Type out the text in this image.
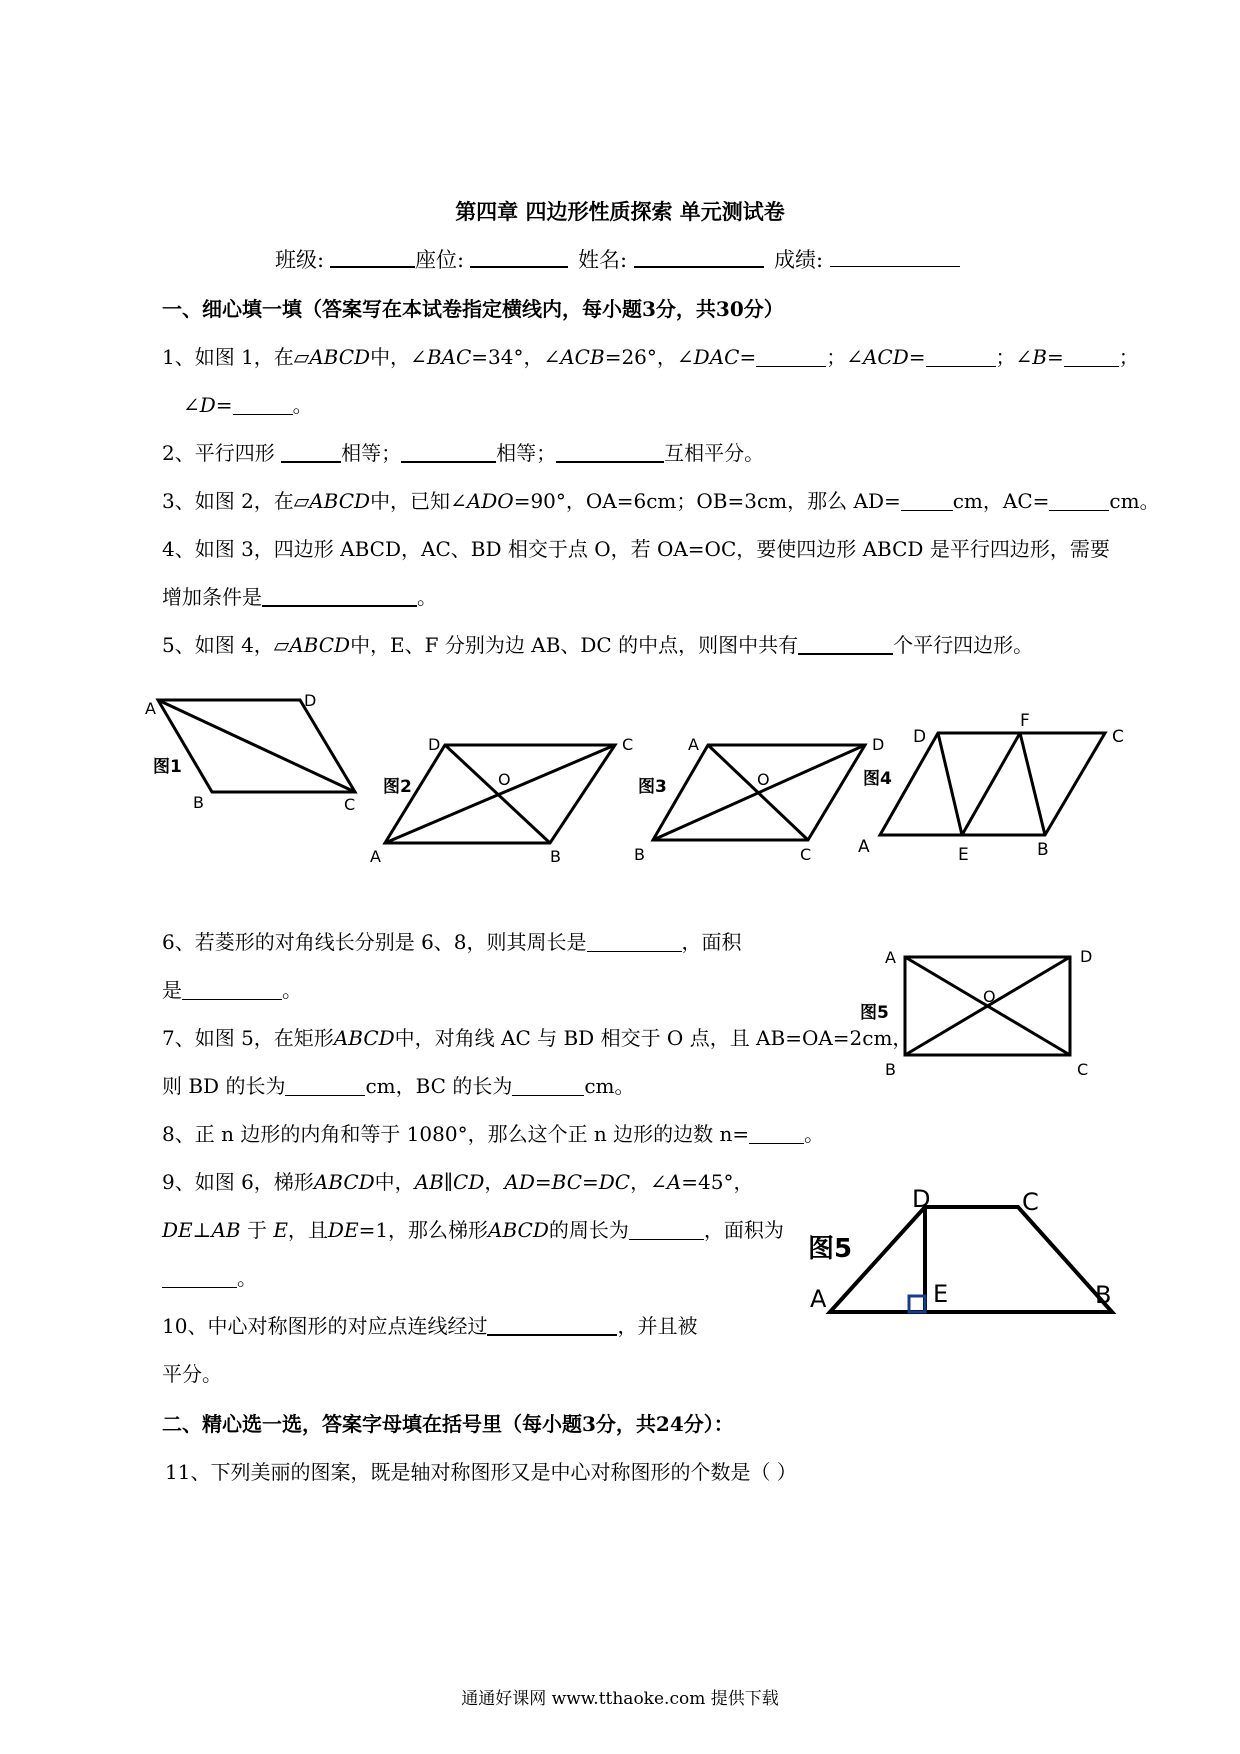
第四章 四边形性质探索 单元测试卷
班级:	座位:	姓名:	成绩:
一、细心填一填（答案写在本试卷指定横线内，每小题3分，共30分）
1、如图 1，在▱ABCD中，∠BAC=34°，∠ACB=26°，∠DAC=	；∠ACD=	；∠B=	；
∠D=	。
2、平行四形	相等；	相等；	互相平分。
3、如图 2，在▱ABCD中，已知∠ADO=90°，OA=6cm；OB=3cm，那么 AD=	cm，AC=	cm。
4、如图 3，四边形 ABCD，AC、BD 相交于点 O，若 OA=OC，要使四边形 ABCD 是平行四边形，需要
增加条件是	。
5、如图 4，▱ABCD中，E、F 分别为边 AB、DC 的中点，则图中共有	个平行四边形。
A	D
B	C
图1
D	C
A	B
O
图2
A	D
B	C
O
图3
D
F
C
A	E	B
图4
6、若菱形的对角线长分别是 6、8，则其周长是	，面积
是	。
A	D
B	C
O
图5
7、如图 5，在矩形ABCD中，对角线 AC 与 BD 相交于 O 点，且 AB=OA=2cm，
则 BD 的长为	cm，BC 的长为	cm。
8、正 n 边形的内角和等于 1080°，那么这个正 n 边形的边数 n=	。
9、如图 6，梯形ABCD中，AB∥CD，AD=BC=DC，∠A=45°，
DE⊥AB 于 E，且DE=1，那么梯形ABCD的周长为	，面积为
。
D	C
A	E	B
图5
10、中心对称图形的对应点连线经过	，并且被
平分。
二、精心选一选，答案字母填在括号里（每小题3分，共24分）：
11、下列美丽的图案，既是轴对称图形又是中心对称图形的个数是（ ）
通通好课网 www.tthaoke.com 提供下载
